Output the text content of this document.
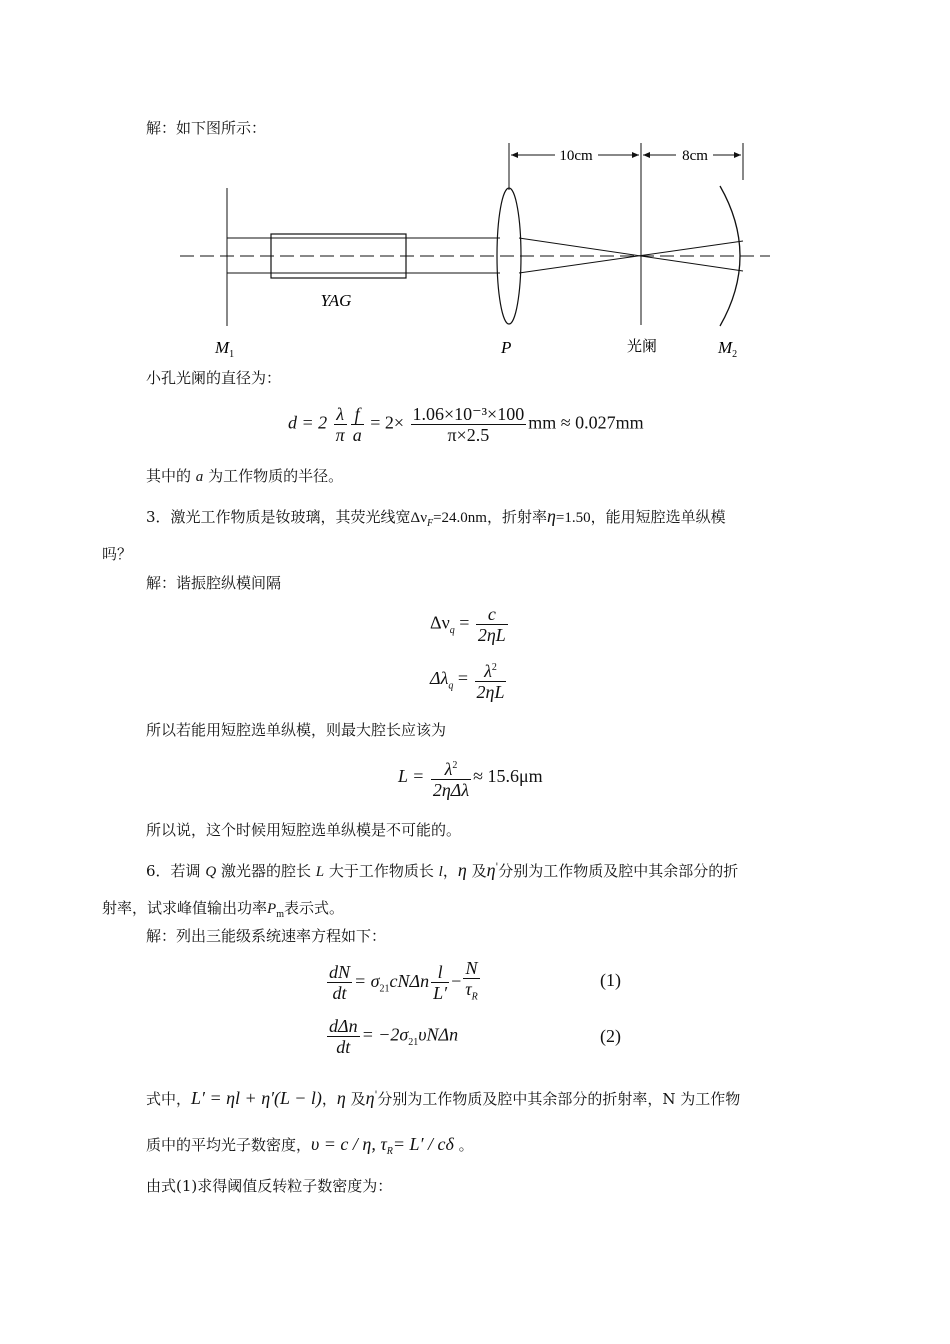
解：如下图所示：
10cm	8cm
YAG
$M_1$	P	光阑	$M_2$
小孔光阑的直径为：
$d = 2 \frac{\lambda}{\pi} \frac{f}{a} = 2\times \frac{\text{1.06×10⁻³×100}}{\pi\times 2.5}$ mm ≈ 0.027mm
其中的 a 为工作物质的半径。
3．激光工作物质是钕玻璃，其荧光线宽$\Delta\nu_F=24.0nm$，折射率η=1.50，能用短腔选单纵模
吗？
解：谐振腔纵模间隔
$\Delta\nu_q = \frac{c}{2\eta L}$
$\Delta\lambda_q = \frac{\lambda^2}{2\eta L}$
所以若能用短腔选单纵模，则最大腔长应该为
$L = \frac{\lambda^2}{\text{2ηΔλ}} \approx 15.6\mu m$
所以说，这个时候用短腔选单纵模是不可能的。
6．若调 Q 激光器的腔长 L 大于工作物质长 l，η 及η'分别为工作物质及腔中其余部分的折
射率，试求峰值输出功率$P_m$表示式。
解：列出三能级系统速率方程如下：
$\frac{dN}{dt} = \sigma_{21}cN\Delta n \frac{l}{L'} - \frac{N}{\tau_R}$	(1)
$\frac{\text{dΔn}}{dt} = -2\sigma_{21}\upsilon N\Delta n$	(2)
式中，L′ = ηl + η′(L − l)，η 及η'分别为工作物质及腔中其余部分的折射率，N 为工作物
质中的平均光子数密度，υ = c / η, $\tau_R= L' / c\delta$ 。
由式(1)求得阈值反转粒子数密度为：
